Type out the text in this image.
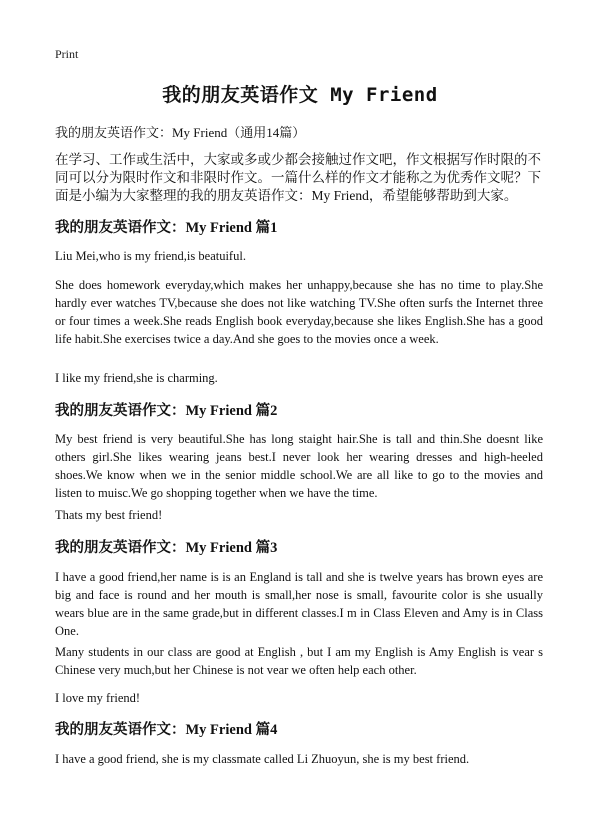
Print
我的朋友英语作文 My Friend
我的朋友英语作文：My Friend（通用14篇）

在学习、工作或生活中，大家或多或少都会接触过作文吧，作文根据写作时限的不同可以分为限时作文和非限时作文。一篇什么样的作文才能称之为优秀作文呢？下面是小编为大家整理的我的朋友英语作文：My Friend，希望能够帮助到大家。

我的朋友英语作文：My Friend 篇1

Liu Mei,who is my friend,is beatuiful.

She does homework everyday,which makes her unhappy,because she has no time to play.She hardly ever watches TV,because she does not like watching TV.She often surfs the Internet three or four times a week.She reads English book everyday,because she likes English.She has a good life habit.She exercises twice a day.And she goes to the movies once a week.

I like my friend,she is charming.

我的朋友英语作文：My Friend 篇2

My best friend is very beautiful.She has long staight hair.She is tall and thin.She doesnt like others girl.She likes wearing jeans best.I never look her wearing dresses and high-heeled shoes.We know when we in the senior middle school.We are all like to go to the movies and listen to muisc.We go shopping together when we have the time.

Thats my best friend!

我的朋友英语作文：My Friend 篇3

I have a good friend,her name is is an England is tall and she is twelve years has brown eyes are big and face is round and her mouth is small,her nose is small, favourite color is she usually wears blue are in the same grade,but in different classes.I m in Class Eleven and Amy is in Class One.

Many students in our class are good at English , but I am my English is Amy English is vear s Chinese very much,but her Chinese is not vear we often help each other.

I love my friend!

我的朋友英语作文：My Friend 篇4

I have a good friend, she is my classmate called Li Zhuoyun, she is my best friend.
